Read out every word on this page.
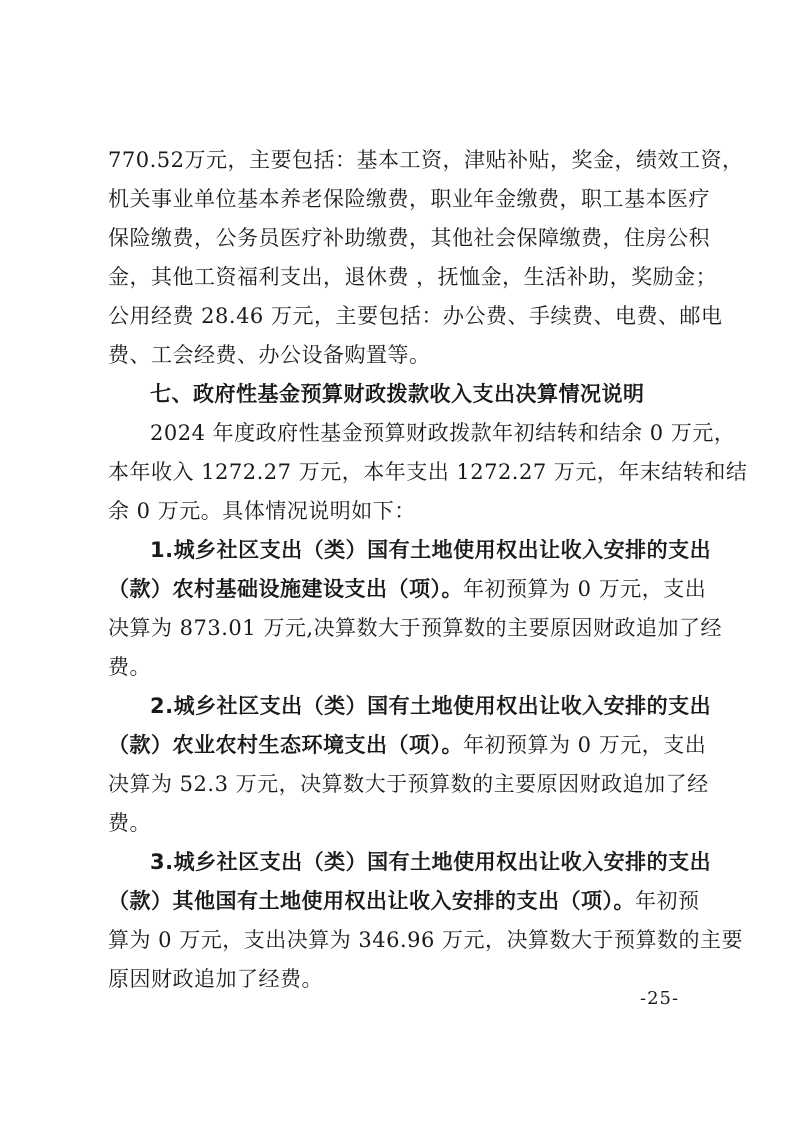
770.52万元，主要包括：基本工资，津贴补贴，奖金，绩效工资，
机关事业单位基本养老保险缴费，职业年金缴费，职工基本医疗
保险缴费，公务员医疗补助缴费，其他社会保障缴费，住房公积
金，其他工资福利支出，退休费 ，抚恤金，生活补助，奖励金；
公用经费 28.46 万元，主要包括：办公费、手续费、电费、邮电
费、工会经费、办公设备购置等。
七、政府性基金预算财政拨款收入支出决算情况说明
2024 年度政府性基金预算财政拨款年初结转和结余 0 万元，
本年收入 1272.27 万元，本年支出 1272.27 万元，年末结转和结
余 0 万元。具体情况说明如下：
1.城乡社区支出（类）国有土地使用权出让收入安排的支出
（款）农村基础设施建设支出（项）。年初预算为 0 万元，支出
决算为 873.01 万元,决算数大于预算数的主要原因财政追加了经
费。
2.城乡社区支出（类）国有土地使用权出让收入安排的支出
（款）农业农村生态环境支出（项）。年初预算为 0 万元，支出
决算为 52.3 万元，决算数大于预算数的主要原因财政追加了经
费。
3.城乡社区支出（类）国有土地使用权出让收入安排的支出
（款）其他国有土地使用权出让收入安排的支出（项）。年初预
算为 0 万元，支出决算为 346.96 万元，决算数大于预算数的主要
原因财政追加了经费。
-25-
